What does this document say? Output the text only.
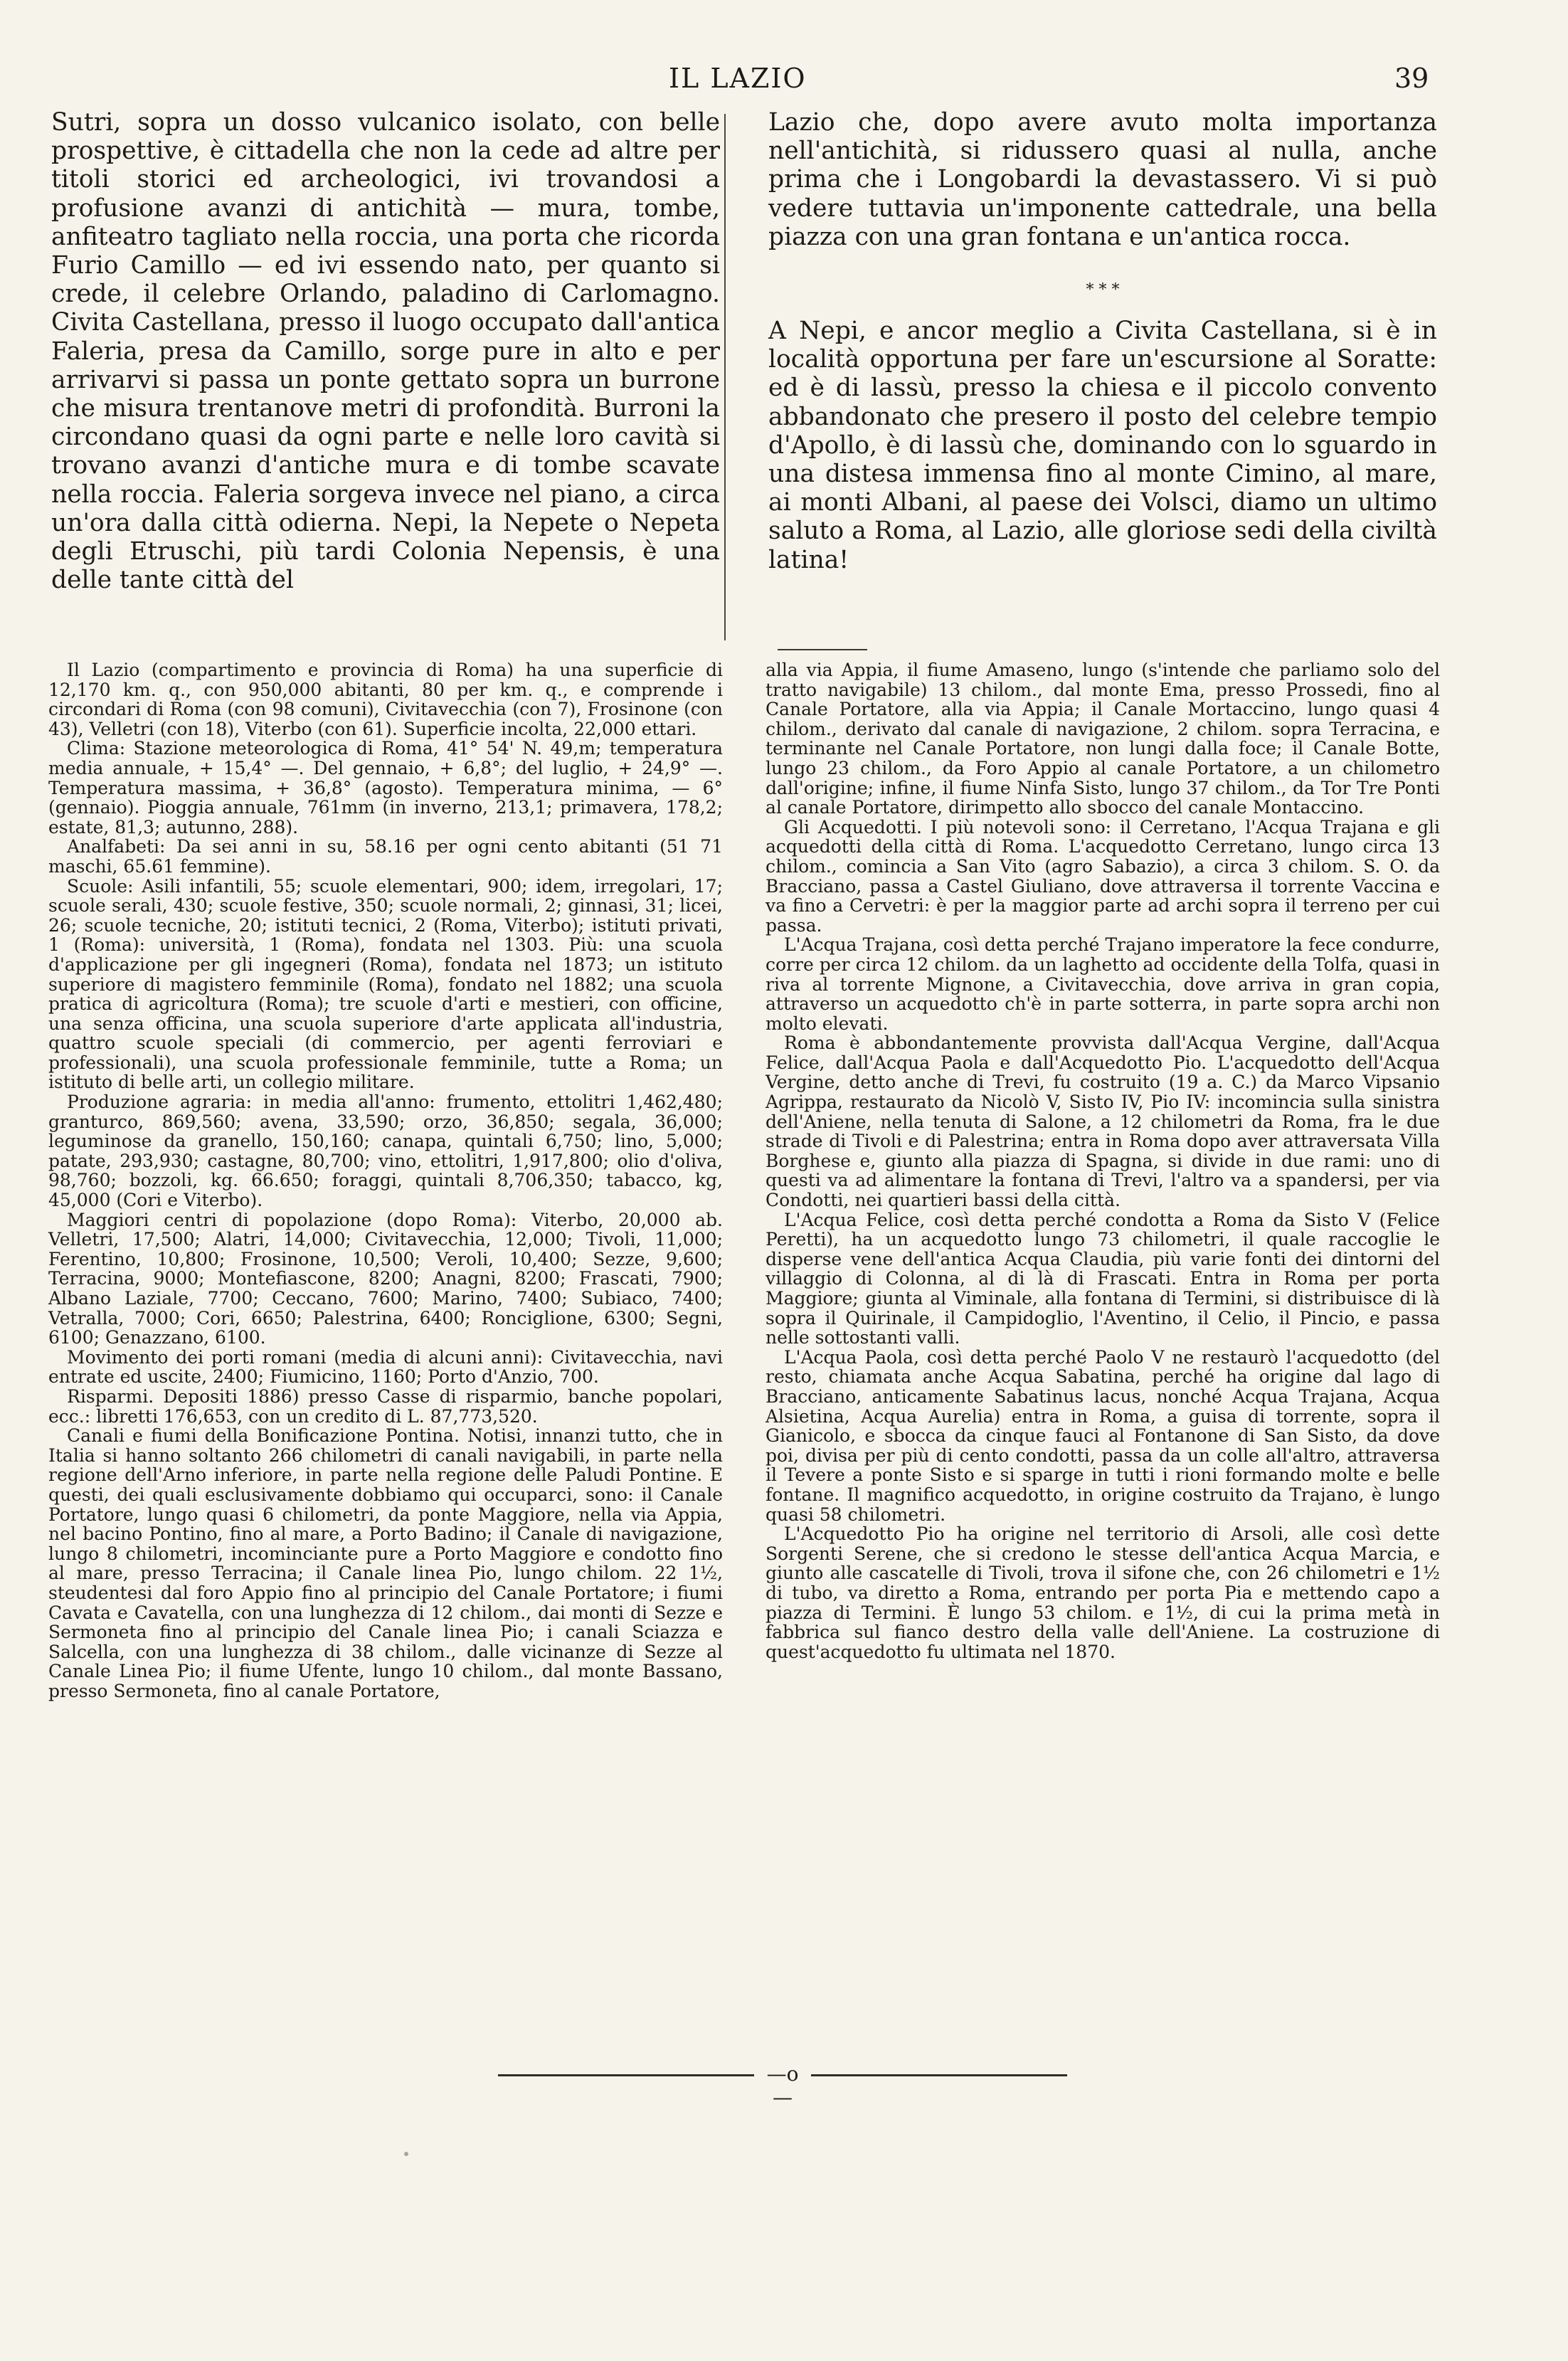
IL LAZIO	39

Sutri, sopra un dosso vulcanico isolato, con belle prospettive, è cittadella che non la cede ad altre per titoli storici ed archeologici, ivi trovandosi a profusione avanzi di antichità — mura, tombe, anfiteatro tagliato nella roccia, una porta che ricorda Furio Camillo — ed ivi essendo nato, per quanto si crede, il celebre Orlando, paladino di Carlomagno. Civita Castellana, presso il luogo occupato dall'antica Faleria, presa da Camillo, sorge pure in alto e per arrivarvi si passa un ponte gettato sopra un burrone che misura trentanove metri di profondità. Burroni la circondano quasi da ogni parte e nelle loro cavità si trovano avanzi d'antiche mura e di tombe scavate nella roccia. Faleria sorgeva invece nel piano, a circa un'ora dalla città odierna. Nepi, la Nepete o Nepeta degli Etruschi, più tardi Colonia Nepensis, è una delle tante città del

Lazio che, dopo avere avuto molta importanza nell'antichità, si ridussero quasi al nulla, anche prima che i Longobardi la devastassero. Vi si può vedere tuttavia un'imponente cattedrale, una bella piazza con una gran fontana e un'antica rocca.

* * *

A Nepi, e ancor meglio a Civita Castellana, si è in località opportuna per fare un'escursione al Soratte: ed è di lassù, presso la chiesa e il piccolo convento abbandonato che presero il posto del celebre tempio d'Apollo, è di lassù che, dominando con lo sguardo in una distesa immensa fino al monte Cimino, al mare, ai monti Albani, al paese dei Volsci, diamo un ultimo saluto a Roma, al Lazio, alle gloriose sedi della civiltà latina!

Il Lazio (compartimento e provincia di Roma) ha una superficie di 12,170 km. q., con 950,000 abitanti, 80 per km. q., e comprende i circondari di Roma (con 98 comuni), Civitavecchia (con 7), Frosinone (con 43), Velletri (con 18), Viterbo (con 61). Superficie incolta, 22,000 ettari.

Clima: Stazione meteorologica di Roma, 41° 54' N. 49,m; temperatura media annuale, + 15,4° —. Del gennaio, + 6,8°; del luglio, + 24,9° —. Temperatura massima, + 36,8° (agosto). Temperatura minima, — 6° (gennaio). Pioggia annuale, 761mm (in inverno, 213,1; primavera, 178,2; estate, 81,3; autunno, 288).

Analfabeti: Da sei anni in su, 58.16 per ogni cento abitanti (51 71 maschi, 65.61 femmine).

Scuole: Asili infantili, 55; scuole elementari, 900; idem, irregolari, 17; scuole serali, 430; scuole festive, 350; scuole normali, 2; ginnasi, 31; licei, 26; scuole tecniche, 20; istituti tecnici, 2 (Roma, Viterbo); istituti privati, 1 (Roma): università, 1 (Roma), fondata nel 1303. Più: una scuola d'applicazione per gli ingegneri (Roma), fondata nel 1873; un istituto superiore di magistero femminile (Roma), fondato nel 1882; una scuola pratica di agricoltura (Roma); tre scuole d'arti e mestieri, con officine, una senza officina, una scuola superiore d'arte applicata all'industria, quattro scuole speciali (di commercio, per agenti ferroviari e professionali), una scuola professionale femminile, tutte a Roma; un istituto di belle arti, un collegio militare.

Produzione agraria: in media all'anno: frumento, ettolitri 1,462,480; granturco, 869,560; avena, 33,590; orzo, 36,850; segala, 36,000; leguminose da granello, 150,160; canapa, quintali 6,750; lino, 5,000; patate, 293,930; castagne, 80,700; vino, ettolitri, 1,917,800; olio d'oliva, 98,760; bozzoli, kg. 66.650; foraggi, quintali 8,706,350; tabacco, kg, 45,000 (Cori e Viterbo).

Maggiori centri di popolazione (dopo Roma): Viterbo, 20,000 ab. Velletri, 17,500; Alatri, 14,000; Civitavecchia, 12,000; Tivoli, 11,000; Ferentino, 10,800; Frosinone, 10,500; Veroli, 10,400; Sezze, 9,600; Terracina, 9000; Montefiascone, 8200; Anagni, 8200; Frascati, 7900; Albano Laziale, 7700; Ceccano, 7600; Marino, 7400; Subiaco, 7400; Vetralla, 7000; Cori, 6650; Palestrina, 6400; Ronciglione, 6300; Segni, 6100; Genazzano, 6100.

Movimento dei porti romani (media di alcuni anni): Civitavecchia, navi entrate ed uscite, 2400; Fiumicino, 1160; Porto d'Anzio, 700.

Risparmi. Depositi 1886) presso Casse di risparmio, banche popolari, ecc.: libretti 176,653, con un credito di L. 87,773,520.

Canali e fiumi della Bonificazione Pontina. Notisi, innanzi tutto, che in Italia si hanno soltanto 266 chilometri di canali navigabili, in parte nella regione dell'Arno inferiore, in parte nella regione delle Paludi Pontine. E questi, dei quali esclusivamente dobbiamo qui occuparci, sono: il Canale Portatore, lungo quasi 6 chilometri, da ponte Maggiore, nella via Appia, nel bacino Pontino, fino al mare, a Porto Badino; il Canale di navigazione, lungo 8 chilometri, incominciante pure a Porto Maggiore e condotto fino al mare, presso Terracina; il Canale linea Pio, lungo chilom. 22 1½, steudentesi dal foro Appio fino al principio del Canale Portatore; i fiumi Cavata e Cavatella, con una lunghezza di 12 chilom., dai monti di Sezze e Sermoneta fino al principio del Canale linea Pio; i canali Sciazza e Salcella, con una lunghezza di 38 chilom., dalle vicinanze di Sezze al Canale Linea Pio; il fiume Ufente, lungo 10 chilom., dal monte Bassano, presso Sermoneta, fino al canale Portatore,

alla via Appia, il fiume Amaseno, lungo (s'intende che parliamo solo del tratto navigabile) 13 chilom., dal monte Ema, presso Prossedi, fino al Canale Portatore, alla via Appia; il Canale Mortaccino, lungo quasi 4 chilom., derivato dal canale di navigazione, 2 chilom. sopra Terracina, e terminante nel Canale Portatore, non lungi dalla foce; il Canale Botte, lungo 23 chilom., da Foro Appio al canale Portatore, a un chilometro dall'origine; infine, il fiume Ninfa Sisto, lungo 37 chilom., da Tor Tre Ponti al canale Portatore, dirimpetto allo sbocco del canale Montaccino.

Gli Acquedotti. I più notevoli sono: il Cerretano, l'Acqua Trajana e gli acquedotti della città di Roma. L'acquedotto Cerretano, lungo circa 13 chilom., comincia a San Vito (agro Sabazio), a circa 3 chilom. S. O. da Bracciano, passa a Castel Giuliano, dove attraversa il torrente Vaccina e va fino a Cervetri: è per la maggior parte ad archi sopra il terreno per cui passa.

L'Acqua Trajana, così detta perché Trajano imperatore la fece condurre, corre per circa 12 chilom. da un laghetto ad occidente della Tolfa, quasi in riva al torrente Mignone, a Civitavecchia, dove arriva in gran copia, attraverso un acquedotto ch'è in parte sotterra, in parte sopra archi non molto elevati.

Roma è abbondantemente provvista dall'Acqua Vergine, dall'Acqua Felice, dall'Acqua Paola e dall'Acquedotto Pio. L'acquedotto dell'Acqua Vergine, detto anche di Trevi, fu costruito (19 a. C.) da Marco Vipsanio Agrippa, restaurato da Nicolò V, Sisto IV, Pio IV: incomincia sulla sinistra dell'Aniene, nella tenuta di Salone, a 12 chilometri da Roma, fra le due strade di Tivoli e di Palestrina; entra in Roma dopo aver attraversata Villa Borghese e, giunto alla piazza di Spagna, si divide in due rami: uno di questi va ad alimentare la fontana di Trevi, l'altro va a spandersi, per via Condotti, nei quartieri bassi della città.

L'Acqua Felice, così detta perché condotta a Roma da Sisto V (Felice Peretti), ha un acquedotto lungo 73 chilometri, il quale raccoglie le disperse vene dell'antica Acqua Claudia, più varie fonti dei dintorni del villaggio di Colonna, al di là di Frascati. Entra in Roma per porta Maggiore; giunta al Viminale, alla fontana di Termini, si distribuisce di là sopra il Quirinale, il Campidoglio, l'Aventino, il Celio, il Pincio, e passa nelle sottostanti valli.

L'Acqua Paola, così detta perché Paolo V ne restaurò l'acquedotto (del resto, chiamata anche Acqua Sabatina, perché ha origine dal lago di Bracciano, anticamente Sabatinus lacus, nonché Acqua Trajana, Acqua Alsietina, Acqua Aurelia) entra in Roma, a guisa di torrente, sopra il Gianicolo, e sbocca da cinque fauci al Fontanone di San Sisto, da dove poi, divisa per più di cento condotti, passa da un colle all'altro, attraversa il Tevere a ponte Sisto e si sparge in tutti i rioni formando molte e belle fontane. Il magnifico acquedotto, in origine costruito da Trajano, è lungo quasi 58 chilometri.

L'Acquedotto Pio ha origine nel territorio di Arsoli, alle così dette Sorgenti Serene, che si credono le stesse dell'antica Acqua Marcia, e giunto alle cascatelle di Tivoli, trova il sifone che, con 26 chilometri e 1½ di tubo, va diretto a Roma, entrando per porta Pia e mettendo capo a piazza di Termini. È lungo 53 chilom. e 1½, di cui la prima metà in fabbrica sul fianco destro della valle dell'Aniene. La costruzione di quest'acquedotto fu ultimata nel 1870.

—o—
